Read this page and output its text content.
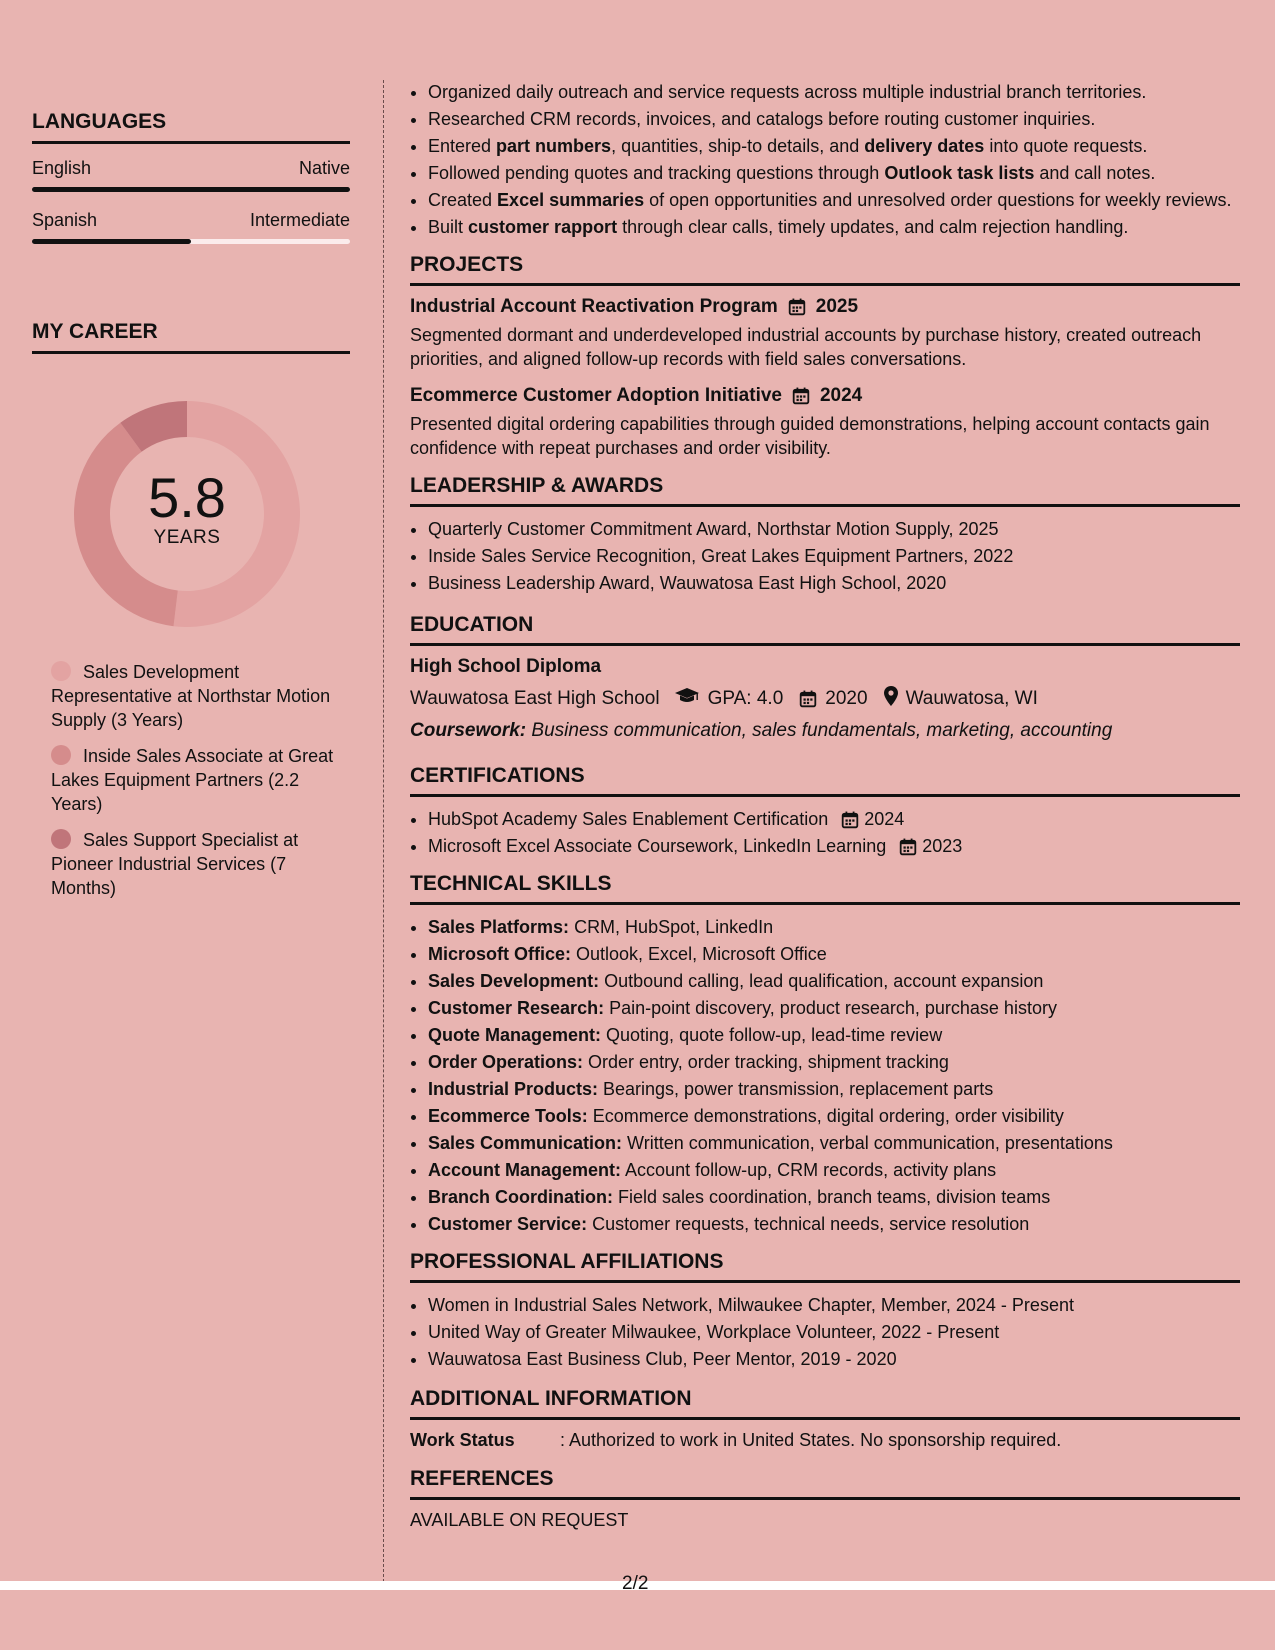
LANGUAGES
English	Native
Spanish	Intermediate
MY CAREER
5.8
YEARS
Sales Development Representative at Northstar Motion Supply (3 Years)
Inside Sales Associate at Great Lakes Equipment Partners (2.2 Years)
Sales Support Specialist at Pioneer Industrial Services (7 Months)
• Organized daily outreach and service requests across multiple industrial branch territories.
• Researched CRM records, invoices, and catalogs before routing customer inquiries.
• Entered part numbers, quantities, ship-to details, and delivery dates into quote requests.
• Followed pending quotes and tracking questions through Outlook task lists and call notes.
• Created Excel summaries of open opportunities and unresolved order questions for weekly reviews.
• Built customer rapport through clear calls, timely updates, and calm rejection handling.
PROJECTS
Industrial Account Reactivation Program 2025
Segmented dormant and underdeveloped industrial accounts by purchase history, created outreach priorities, and aligned follow-up records with field sales conversations.
Ecommerce Customer Adoption Initiative 2024
Presented digital ordering capabilities through guided demonstrations, helping account contacts gain confidence with repeat purchases and order visibility.
LEADERSHIP & AWARDS
• Quarterly Customer Commitment Award, Northstar Motion Supply, 2025
• Inside Sales Service Recognition, Great Lakes Equipment Partners, 2022
• Business Leadership Award, Wauwatosa East High School, 2020
EDUCATION
High School Diploma
Wauwatosa East High School	GPA: 4.0 2020 Wauwatosa, WI
Coursework: Business communication, sales fundamentals, marketing, accounting
CERTIFICATIONS
• HubSpot Academy Sales Enablement Certification 2024
• Microsoft Excel Associate Coursework, LinkedIn Learning 2023
TECHNICAL SKILLS
• Sales Platforms: CRM, HubSpot, LinkedIn
• Microsoft Office: Outlook, Excel, Microsoft Office
• Sales Development: Outbound calling, lead qualification, account expansion
• Customer Research: Pain-point discovery, product research, purchase history
• Quote Management: Quoting, quote follow-up, lead-time review
• Order Operations: Order entry, order tracking, shipment tracking
• Industrial Products: Bearings, power transmission, replacement parts
• Ecommerce Tools: Ecommerce demonstrations, digital ordering, order visibility
• Sales Communication: Written communication, verbal communication, presentations
• Account Management: Account follow-up, CRM records, activity plans
• Branch Coordination: Field sales coordination, branch teams, division teams
• Customer Service: Customer requests, technical needs, service resolution
PROFESSIONAL AFFILIATIONS
• Women in Industrial Sales Network, Milwaukee Chapter, Member, 2024 - Present
• United Way of Greater Milwaukee, Workplace Volunteer, 2022 - Present
• Wauwatosa East Business Club, Peer Mentor, 2019 - 2020
ADDITIONAL INFORMATION
Work Status	: Authorized to work in United States. No sponsorship required.
REFERENCES
AVAILABLE ON REQUEST
2/2
